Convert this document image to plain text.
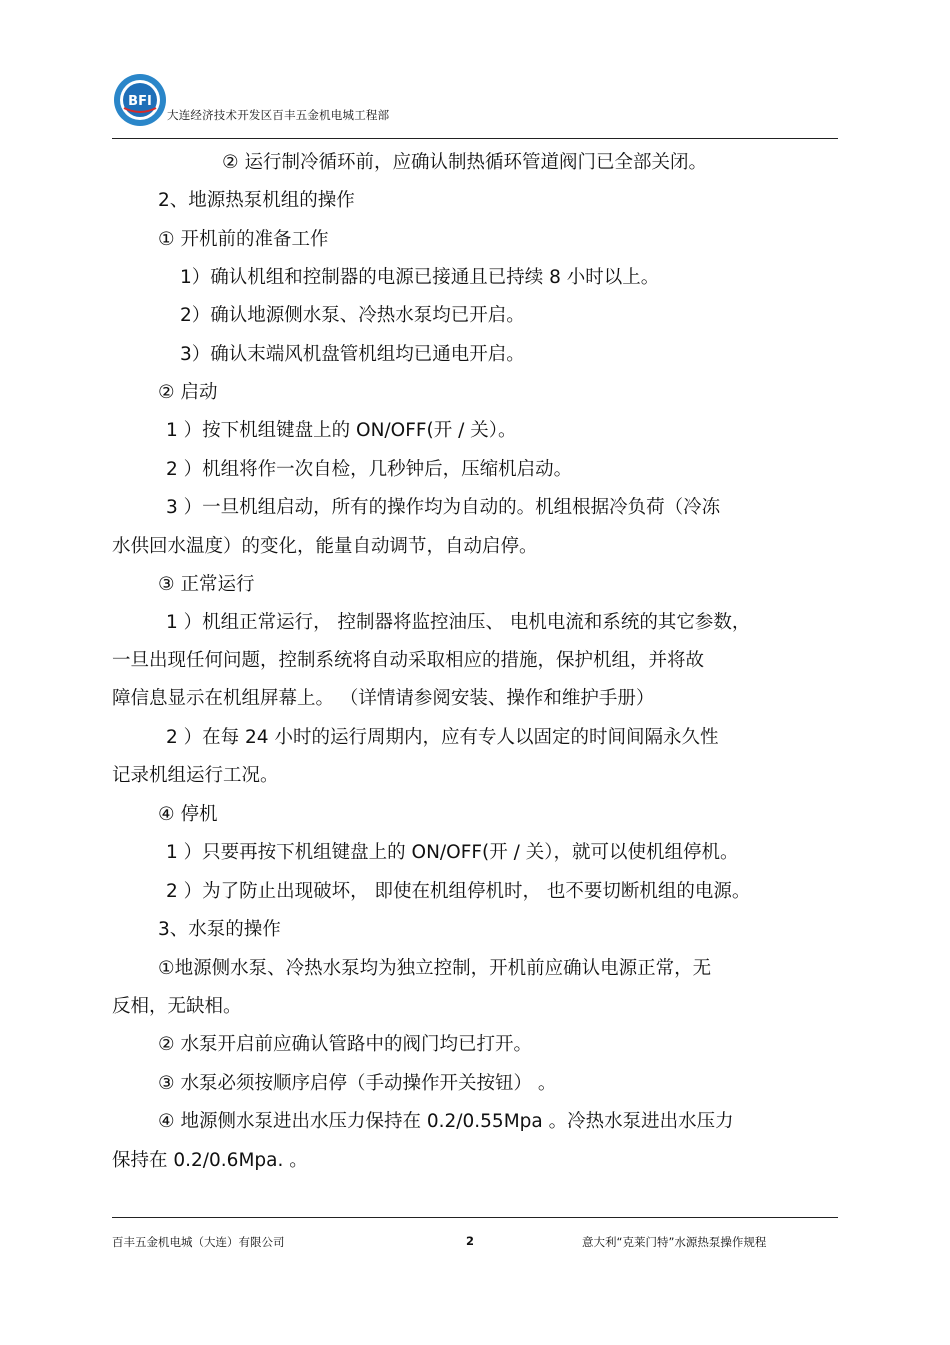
BFI
大连经济技术开发区百丰五金机电城工程部
② 运行制冷循环前，应确认制热循环管道阀门已全部关闭。
2、地源热泵机组的操作
① 开机前的准备工作
1）确认机组和控制器的电源已接通且已持续 8 小时以上。
2）确认地源侧水泵、冷热水泵均已开启。
3）确认末端风机盘管机组均已通电开启。
② 启动
1 ）按下机组键盘上的 ON/OFF(开 / 关）。
2 ）机组将作一次自检，几秒钟后，压缩机启动。
3 ）一旦机组启动，所有的操作均为自动的。机组根据冷负荷（冷冻
水供回水温度）的变化，能量自动调节，自动启停。
③ 正常运行
1 ）机组正常运行， 控制器将监控油压、 电机电流和系统的其它参数，
一旦出现任何问题，控制系统将自动采取相应的措施，保护机组，并将故
障信息显示在机组屏幕上。 （详情请参阅安装、操作和维护手册）
2 ）在每 24 小时的运行周期内，应有专人以固定的时间间隔永久性
记录机组运行工况。
④ 停机
1 ）只要再按下机组键盘上的 ON/OFF(开 / 关），就可以使机组停机。
2 ）为了防止出现破坏， 即使在机组停机时， 也不要切断机组的电源。
3、水泵的操作
①地源侧水泵、冷热水泵均为独立控制，开机前应确认电源正常，无
反相，无缺相。
② 水泵开启前应确认管路中的阀门均已打开。
③ 水泵必须按顺序启停（手动操作开关按钮） 。
④ 地源侧水泵进出水压力保持在 0.2/0.55Mpa 。冷热水泵进出水压力
保持在 0.2/0.6Mpa. 。
百丰五金机电城（大连）有限公司	2	意大利“克莱门特”水源热泵操作规程
